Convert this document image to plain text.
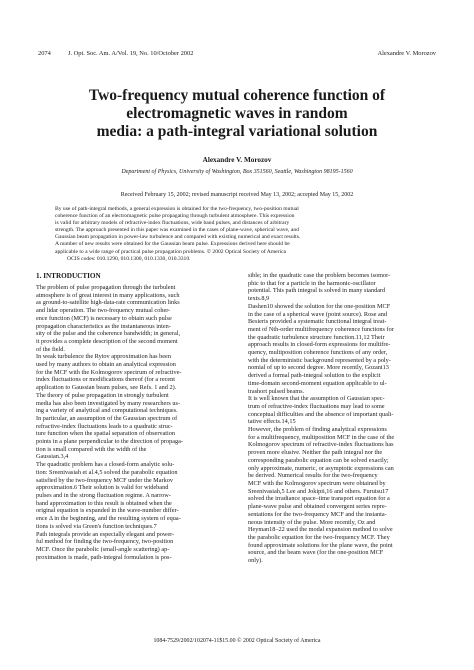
2074	J. Opt. Soc. Am. A/Vol. 19, No. 10/October 2002	Alexandre V. Morozov
Two-frequency mutual coherence function of
electromagnetic waves in random
media: a path-integral variational solution
Alexandre V. Morozov
Department of Physics, University of Washington, Box 351560, Seattle, Washington 98195-1560
Received February 15, 2002; revised manuscript received May 13, 2002; accepted May 15, 2002
By use of path-integral methods, a general expression is obtained for the two-frequency, two-position mutual
coherence function of an electromagnetic pulse propagating through turbulent atmosphere. This expression
is valid for arbitrary models of refractive-index fluctuations, wide band pulses, and distances of arbitrary
strength. The approach presented in this paper was examined in the cases of plane-wave, spherical wave, and
Gaussian beam propagation in power-law turbulence and compared with existing numerical and exact results.
A number of new results were obtained for the Gaussian beam pulse. Expressions derived here should be
applicable to a wide range of practical pulse propagation problems. © 2002 Optical Society of America
OCIS codes: 010.1290, 010.1300, 010.1330, 010.3310.
1. INTRODUCTION
The problem of pulse propagation through the turbulent
atmosphere is of great interest in many applications, such
as ground-to-satellite high-data-rate communication links
and lidar operation. The two-frequency mutual coher-
ence function (MCF) is necessary to obtain such pulse
propagation characteristics as the instantaneous inten-
sity of the pulse and the coherence bandwidth; in general,
it provides a complete description of the second moment
of the field.
In weak turbulence the Rytov approximation has been
used by many authors to obtain an analytical expression
for the MCF with the Kolmogorov spectrum of refractive-
index fluctuations or modifications thereof (for a recent
application to Gaussian beam pulses, see Refs. 1 and 2).
The theory of pulse propagation in strongly turbulent
media has also been investigated by many researchers us-
ing a variety of analytical and computational techniques.
In particular, an assumption of the Gaussian spectrum of
refractive-index fluctuations leads to a quadratic struc-
ture function when the spatial separation of observation
points in a plane perpendicular to the direction of propaga-
tion is small compared with the width of the
Gaussian.3,4
The quadratic problem has a closed-form analytic solu-
tion: Sreenivasiah et al.4,5 solved the parabolic equation
satisfied by the two-frequency MCF under the Markov
approximation.6 Their solution is valid for wideband
pulses and in the strong fluctuation regime. A narrow-
band approximation to this result is obtained when the
original equation is expanded in the wave-number differ-
ence Δ in the beginning, and the resulting system of equa-
tions is solved via Green's function techniques.7
Path integrals provide an especially elegant and power-
ful method for finding the two-frequency, two-position
MCF. Once the parabolic (small-angle scattering) ap-
proximation is made, path-integral formulation is pos-
sible; in the quadratic case the problem becomes isomor-
phic to that for a particle in the harmonic-oscillator
potential. This path integral is solved in many standard
texts.8,9
Dashen10 showed the solution for the one-position MCF
in the case of a spherical wave (point source). Rose and
Besieris provided a systematic functional integral treat-
ment of Nth-order multifrequency coherence functions for
the quadratic turbulence structure function.11,12 Their
approach results in closed-form expressions for multifre-
quency, multiposition coherence functions of any order,
with the deterministic background represented by a poly-
nomial of up to second degree. More recently, Gozani13
derived a formal path-integral solution to the explicit
time-domain second-moment equation applicable to ul-
trashort pulsed beams.
It is well known that the assumption of Gaussian spec-
trum of refractive-index fluctuations may lead to some
conceptual difficulties and the absence of important quali-
tative effects.14,15
However, the problem of finding analytical expressions
for a multifrequency, multiposition MCF in the case of the
Kolmogorov spectrum of refractive-index fluctuations has
proven more elusive. Neither the path integral nor the
corresponding parabolic equation can be solved exactly;
only approximate, numeric, or asymptotic expressions can
be derived. Numerical results for the two-frequency
MCF with the Kolmogorov spectrum were obtained by
Sreenivasiah,5 Lee and Jokipii,16 and others. Furutsu17
solved the irradiance space–time transport equation for a
plane-wave pulse and obtained convergent series repre-
sentations for the two-frequency MCF and the instanta-
neous intensity of the pulse. More recently, Oz and
Heyman18–22 used the modal expansion method to solve
the parabolic equation for the two-frequency MCF. They
found approximate solutions for the plane wave, the point
source, and the beam wave (for the one-position MCF
only).
1084-7529/2002/102074-11$15.00 © 2002 Optical Society of America
